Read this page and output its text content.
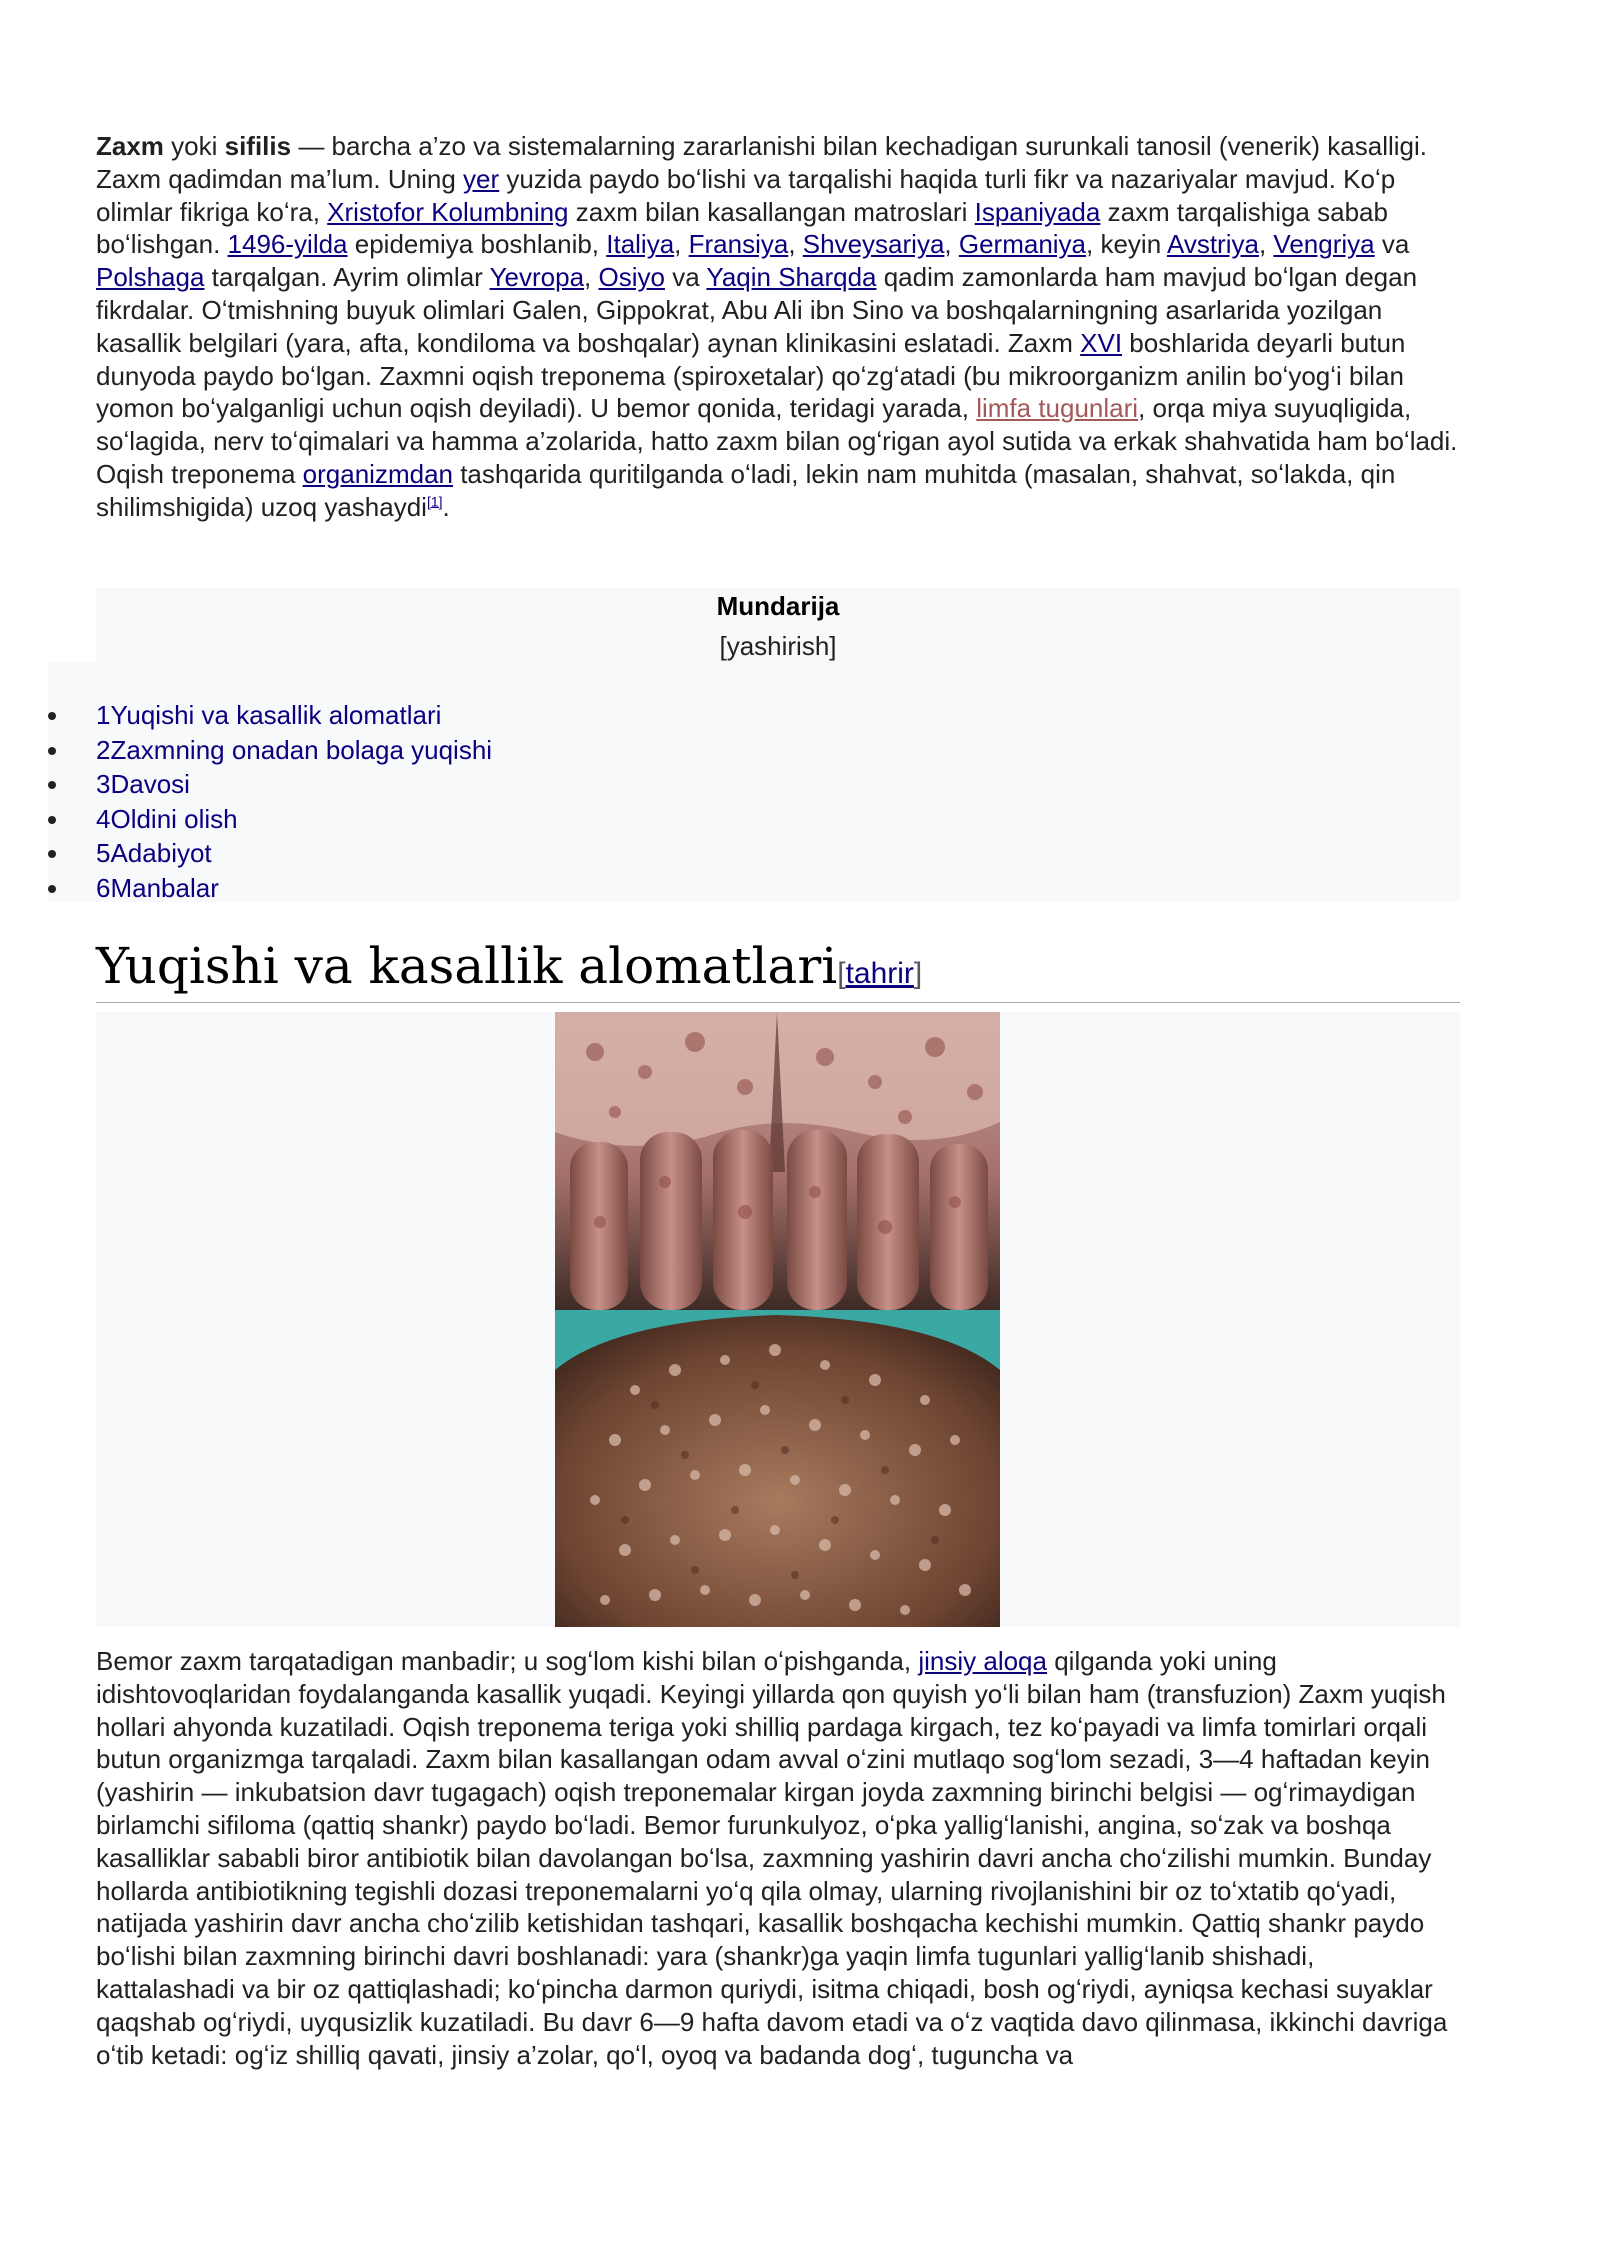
Zaxm yoki sifilis — barcha a’zo va sistemalarning zararlanishi bilan kechadigan surunkali tanosil (venerik) kasalligi. Zaxm qadimdan ma’lum. Uning yer yuzida paydo boʻlishi va tarqalishi haqida turli fikr va nazariyalar mavjud. Koʻp olimlar fikriga koʻra, Xristofor Kolumbning zaxm bilan kasallangan matroslari Ispaniyada zaxm tarqalishiga sabab boʻlishgan. 1496-yilda epidemiya boshlanib, Italiya, Fransiya, Shveysariya, Germaniya, keyin Avstriya, Vengriya va Polshaga tarqalgan. Ayrim olimlar Yevropa, Osiyo va Yaqin Sharqda qadim zamonlarda ham mavjud boʻlgan degan fikrdalar. Oʻtmishning buyuk olimlari Galen, Gippokrat, Abu Ali ibn Sino va boshqalarningning asarlarida yozilgan kasallik belgilari (yara, afta, kondiloma va boshqalar) aynan klinikasini eslatadi. Zaxm XVI boshlarida deyarli butun dunyoda paydo boʻlgan. Zaxmni oqish treponema (spiroxetalar) qoʻzgʻatadi (bu mikroorganizm anilin boʻyogʻi bilan yomon boʻyalganligi uchun oqish deyiladi). U bemor qonida, teridagi yarada, limfa tugunlari, orqa miya suyuqligida, soʻlagida, nerv toʻqimalari va hamma a’zolarida, hatto zaxm bilan ogʻrigan ayol sutida va erkak shahvatida ham boʻladi. Oqish treponema organizmdan tashqarida quritilganda oʻladi, lekin nam muhitda (masalan, shahvat, soʻlakda, qin shilimshigida) uzoq yashaydi[1].

Mundarija
[yashirish]
1Yuqishi va kasallik alomatlari
2Zaxmning onadan bolaga yuqishi
3Davosi
4Oldini olish
5Adabiyot
6Manbalar
Yuqishi va kasallik alomatlari[tahrir]

Bemor zaxm tarqatadigan manbadir; u sogʻlom kishi bilan oʻpishganda, jinsiy aloqa qilganda yoki uning idishtovoqlaridan foydalanganda kasallik yuqadi. Keyingi yillarda qon quyish yoʻli bilan ham (transfuzion) Zaxm yuqish hollari ahyonda kuzatiladi. Oqish treponema teriga yoki shilliq pardaga kirgach, tez koʻpayadi va limfa tomirlari orqali butun organizmga tarqaladi. Zaxm bilan kasallangan odam avval oʻzini mutlaqo sogʻlom sezadi, 3—4 haftadan keyin (yashirin — inkubatsion davr tugagach) oqish treponemalar kirgan joyda zaxmning birinchi belgisi — ogʻrimaydigan birlamchi sifiloma (qattiq shankr) paydo boʻladi. Bemor furunkulyoz, oʻpka yalligʻlanishi, angina, soʻzak va boshqa kasalliklar sababli biror antibiotik bilan davolangan boʻlsa, zaxmning yashirin davri ancha choʻzilishi mumkin. Bunday hollarda antibiotikning tegishli dozasi treponemalarni yoʻq qila olmay, ularning rivojlanishini bir oz toʻxtatib qoʻyadi, natijada yashirin davr ancha choʻzilib ketishidan tashqari, kasallik boshqacha kechishi mumkin. Qattiq shankr paydo boʻlishi bilan zaxmning birinchi davri boshlanadi: yara (shankr)ga yaqin limfa tugunlari yalligʻlanib shishadi, kattalashadi va bir oz qattiqlashadi; koʻpincha darmon quriydi, isitma chiqadi, bosh ogʻriydi, ayniqsa kechasi suyaklar qaqshab ogʻriydi, uyqusizlik kuzatiladi. Bu davr 6—9 hafta davom etadi va oʻz vaqtida davo qilinmasa, ikkinchi davriga oʻtib ketadi: ogʻiz shilliq qavati, jinsiy a’zolar, qoʻl, oyoq va badanda dogʻ, tuguncha va
